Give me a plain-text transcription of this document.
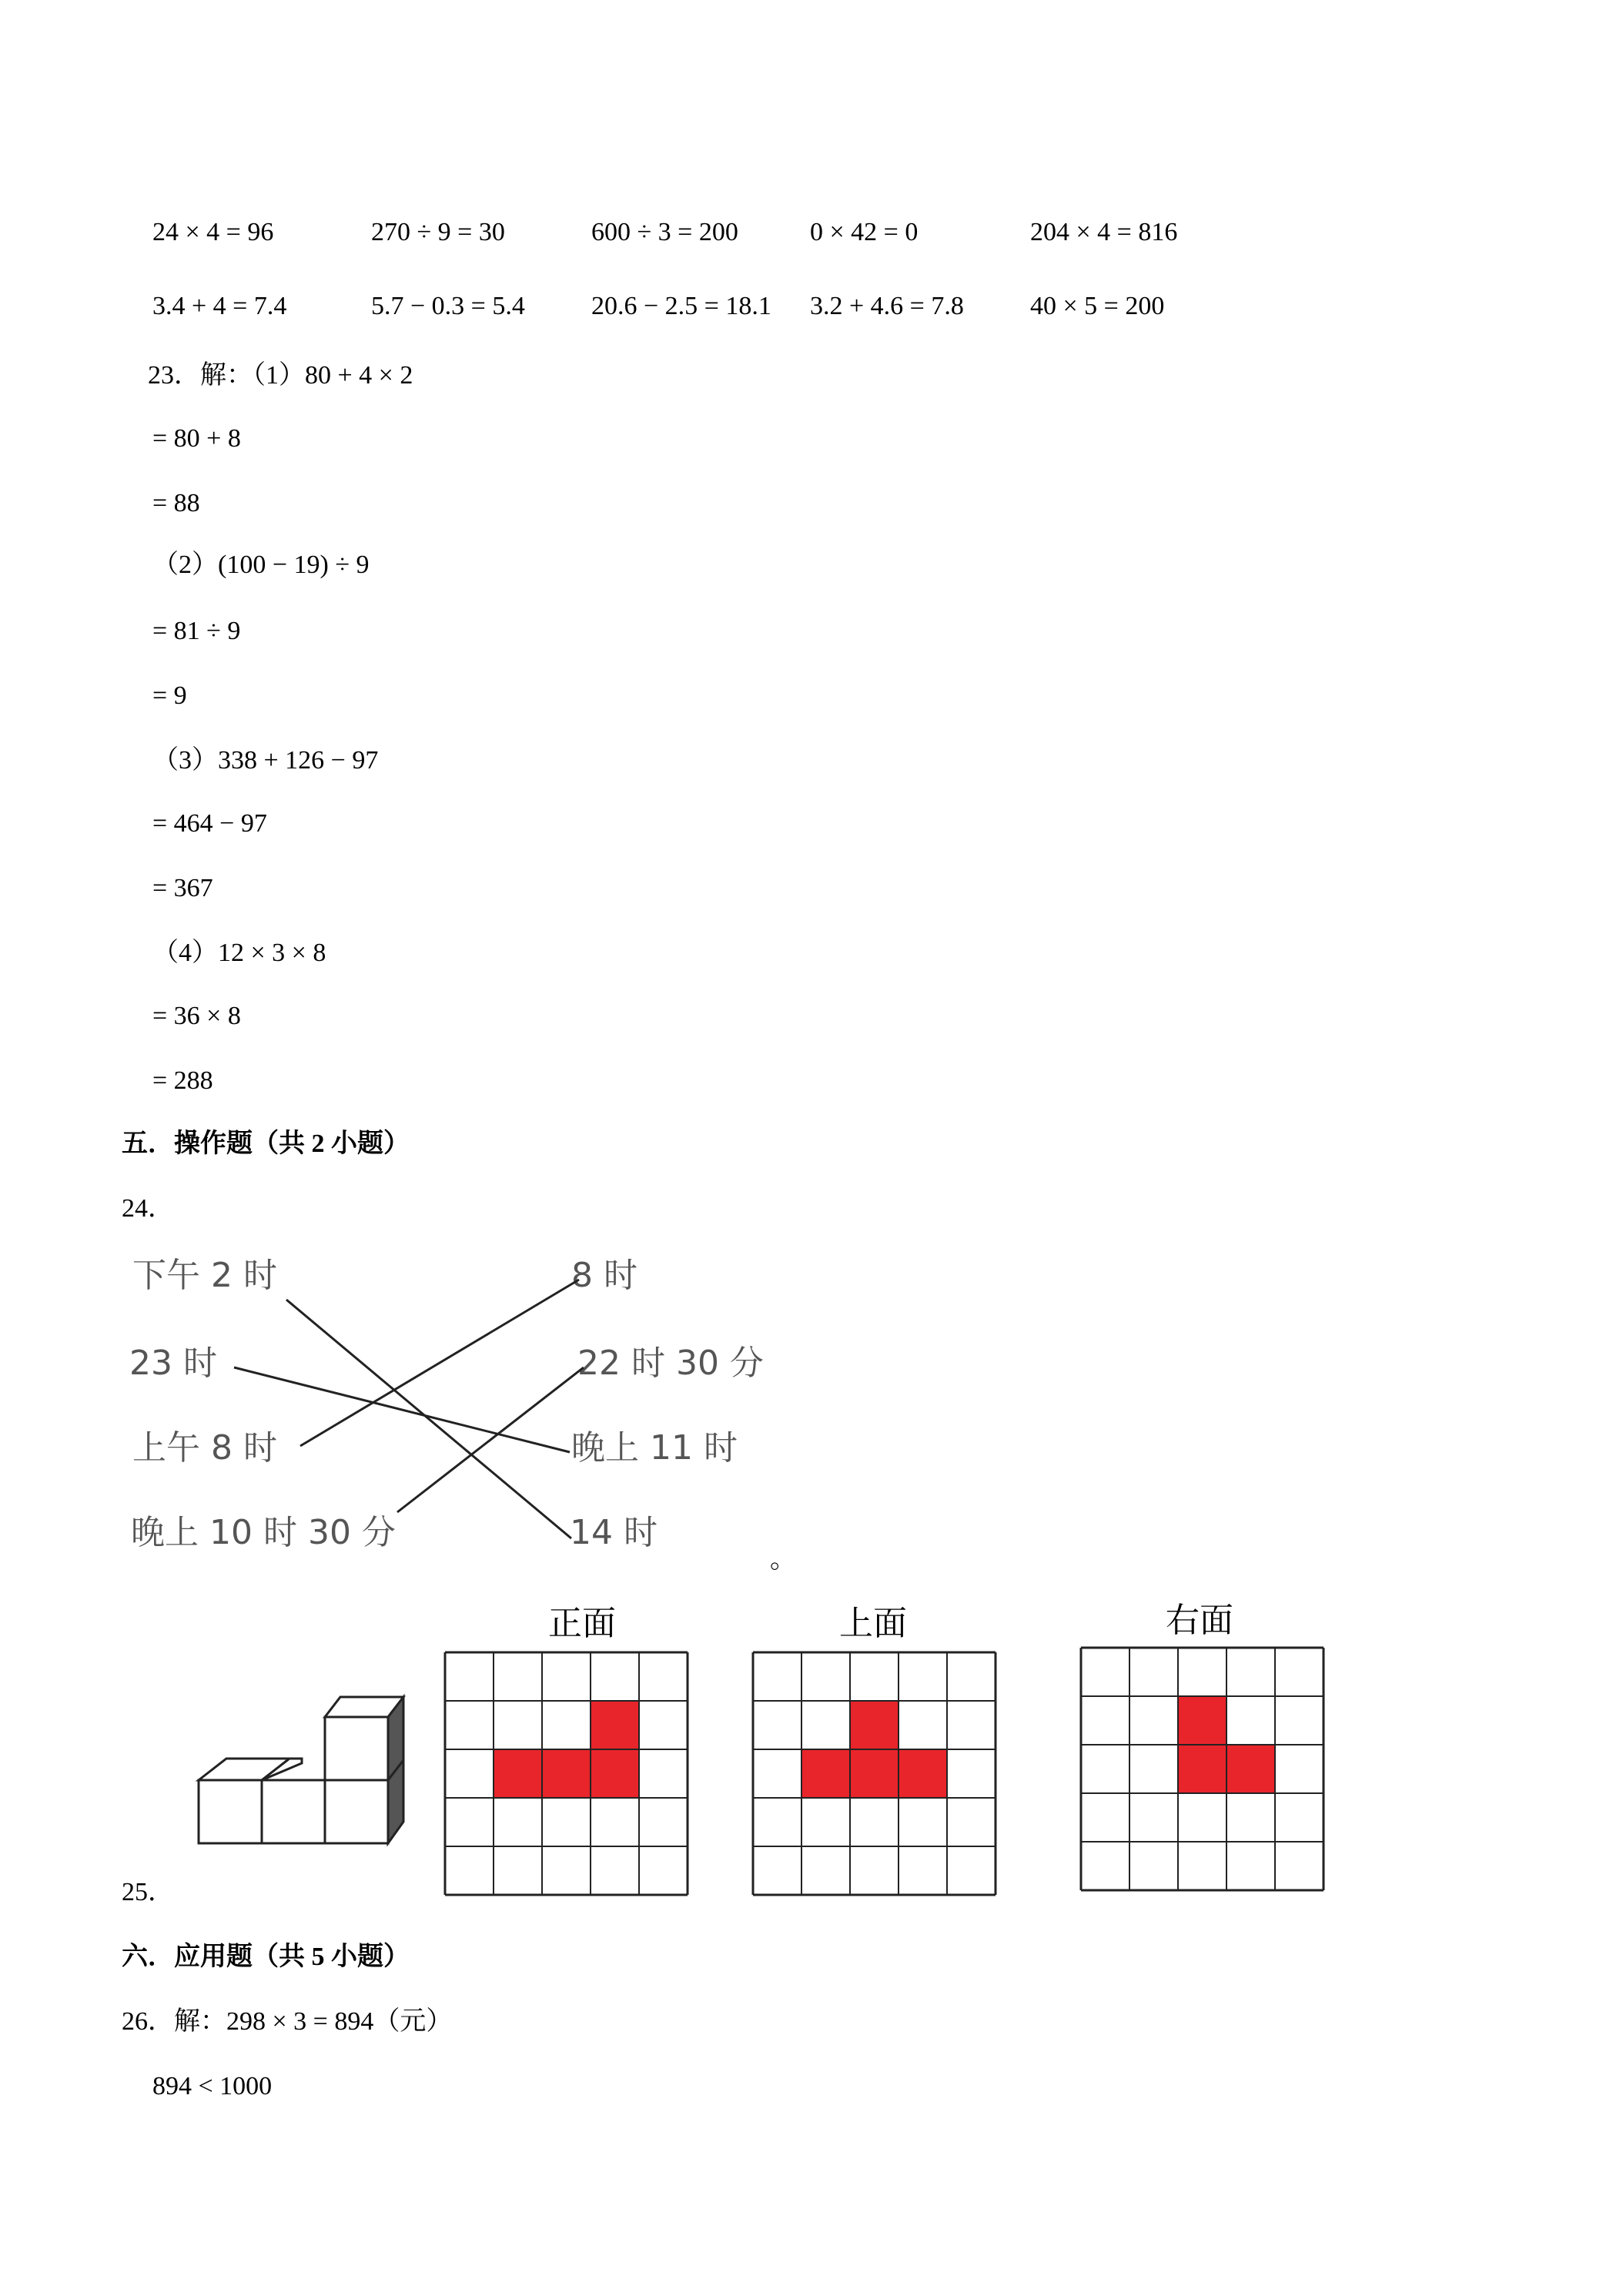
24 × 4 = 96	270 ÷ 9 = 30	600 ÷ 3 = 200	0 × 42 = 0	204 × 4 = 816
3.4 + 4 = 7.4	5.7 − 0.3 = 5.4	20.6 − 2.5 = 18.1 3.2 + 4.6 = 7.8	40 × 5 = 200
23．解：（1）80 + 4 × 2
= 80 + 8
= 88
（2）(100 − 19) ÷ 9
= 81 ÷ 9
= 9
（3）338 + 126 − 97
= 464 − 97
= 367
（4）12 × 3 × 8
= 36 × 8
= 288
五．操作题（共 2 小题）
24．
下午 2 时
23 时
上午 8 时
晚上 10 时 30 分
8 时
22 时 30 分
晚上 11 时
14 时
。
25．
正面	上面	右面
六．应用题（共 5 小题）
26．解：298 × 3 = 894（元）
894 < 1000
